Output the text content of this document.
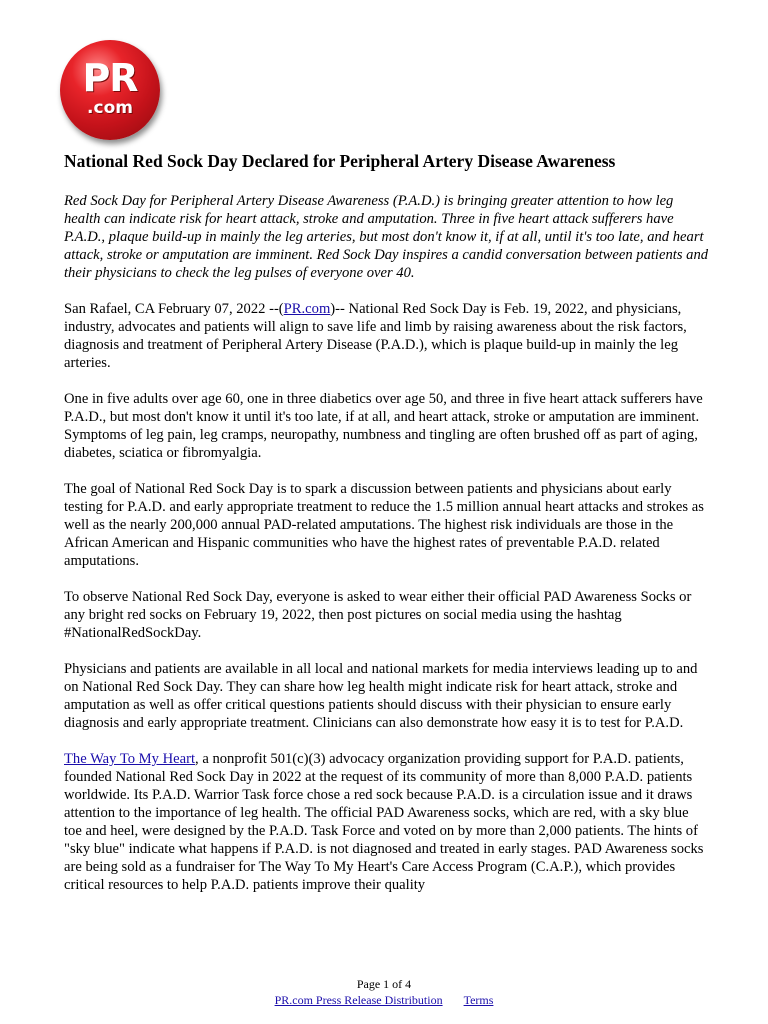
PR
.com
National Red Sock Day Declared for Peripheral Artery Disease Awareness

Red Sock Day for Peripheral Artery Disease Awareness (P.A.D.) is bringing greater attention to how leg health can indicate risk for heart attack, stroke and amputation. Three in five heart attack sufferers have P.A.D., plaque build-up in mainly the leg arteries, but most don't know it, if at all, until it's too late, and heart attack, stroke or amputation are imminent. Red Sock Day inspires a candid conversation between patients and their physicians to check the leg pulses of everyone over 40.

San Rafael, CA February 07, 2022 --(PR.com)-- National Red Sock Day is Feb. 19, 2022, and physicians, industry, advocates and patients will align to save life and limb by raising awareness about the risk factors, diagnosis and treatment of Peripheral Artery Disease (P.A.D.), which is plaque build-up in mainly the leg arteries.

One in five adults over age 60, one in three diabetics over age 50, and three in five heart attack sufferers have P.A.D., but most don't know it until it's too late, if at all, and heart attack, stroke or amputation are imminent. Symptoms of leg pain, leg cramps, neuropathy, numbness and tingling are often brushed off as part of aging, diabetes, sciatica or fibromyalgia.

The goal of National Red Sock Day is to spark a discussion between patients and physicians about early testing for P.A.D. and early appropriate treatment to reduce the 1.5 million annual heart attacks and strokes as well as the nearly 200,000 annual PAD-related amputations. The highest risk individuals are those in the African American and Hispanic communities who have the highest rates of preventable P.A.D. related amputations.

To observe National Red Sock Day, everyone is asked to wear either their official PAD Awareness Socks or any bright red socks on February 19, 2022, then post pictures on social media using the hashtag #NationalRedSockDay.

Physicians and patients are available in all local and national markets for media interviews leading up to and on National Red Sock Day. They can share how leg health might indicate risk for heart attack, stroke and amputation as well as offer critical questions patients should discuss with their physician to ensure early diagnosis and early appropriate treatment. Clinicians can also demonstrate how easy it is to test for P.A.D.

The Way To My Heart, a nonprofit 501(c)(3) advocacy organization providing support for P.A.D. patients, founded National Red Sock Day in 2022 at the request of its community of more than 8,000 P.A.D. patients worldwide. Its P.A.D. Warrior Task force chose a red sock because P.A.D. is a circulation issue and it draws attention to the importance of leg health. The official PAD Awareness socks, which are red, with a sky blue toe and heel, were designed by the P.A.D. Task Force and voted on by more than 2,000 patients. The hints of "sky blue" indicate what happens if P.A.D. is not diagnosed and treated in early stages. PAD Awareness socks are being sold as a fundraiser for The Way To My Heart's Care Access Program (C.A.P.), which provides critical resources to help P.A.D. patients improve their quality

Page 1 of 4
PR.com Press Release Distribution Terms
